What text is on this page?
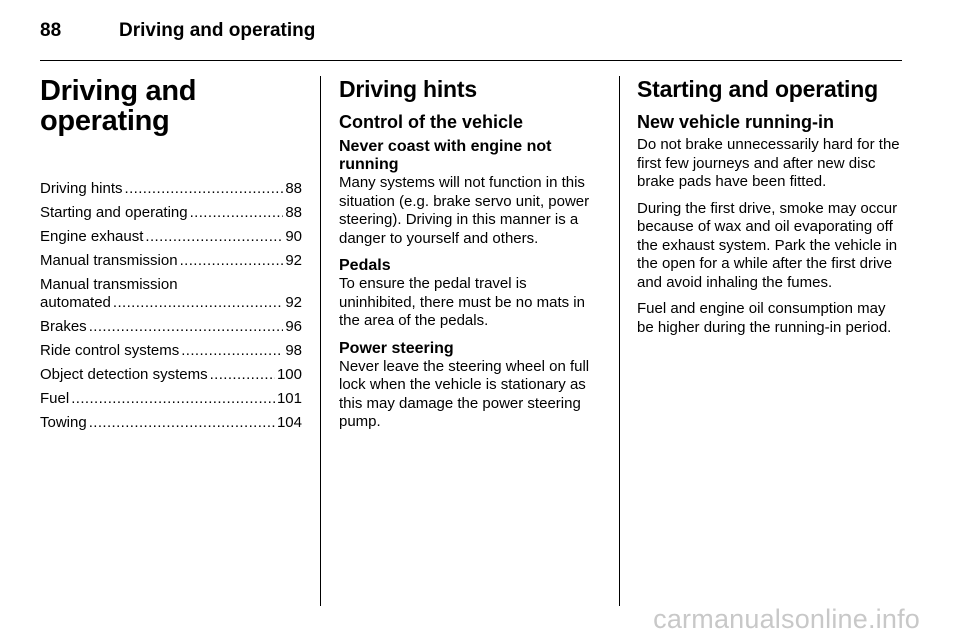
88	Driving and operating
Driving and
operating
Driving hints .....	88
Starting and operating .....	88
Engine exhaust .....	90
Manual transmission .....	92
Manual transmission
automated .....	92
Brakes .....	96
Ride control systems .....	98
Object detection systems .....	100
Fuel .....	101
Towing .....	104
Driving hints
Control of the vehicle
Never coast with engine not running

Many systems will not function in this situation (e.g. brake servo unit, power steering). Driving in this manner is a danger to yourself and others.

Pedals

To ensure the pedal travel is uninhibited, there must be no mats in the area of the pedals.

Power steering

Never leave the steering wheel on full lock when the vehicle is stationary as this may damage the power steering pump.

Starting and operating
New vehicle running-in

Do not brake unnecessarily hard for the first few journeys and after new disc brake pads have been fitted.

During the first drive, smoke may occur because of wax and oil evaporating off the exhaust system. Park the vehicle in the open for a while after the first drive and avoid inhaling the fumes.

Fuel and engine oil consumption may be higher during the running-in period.

carmanualsonline.info
